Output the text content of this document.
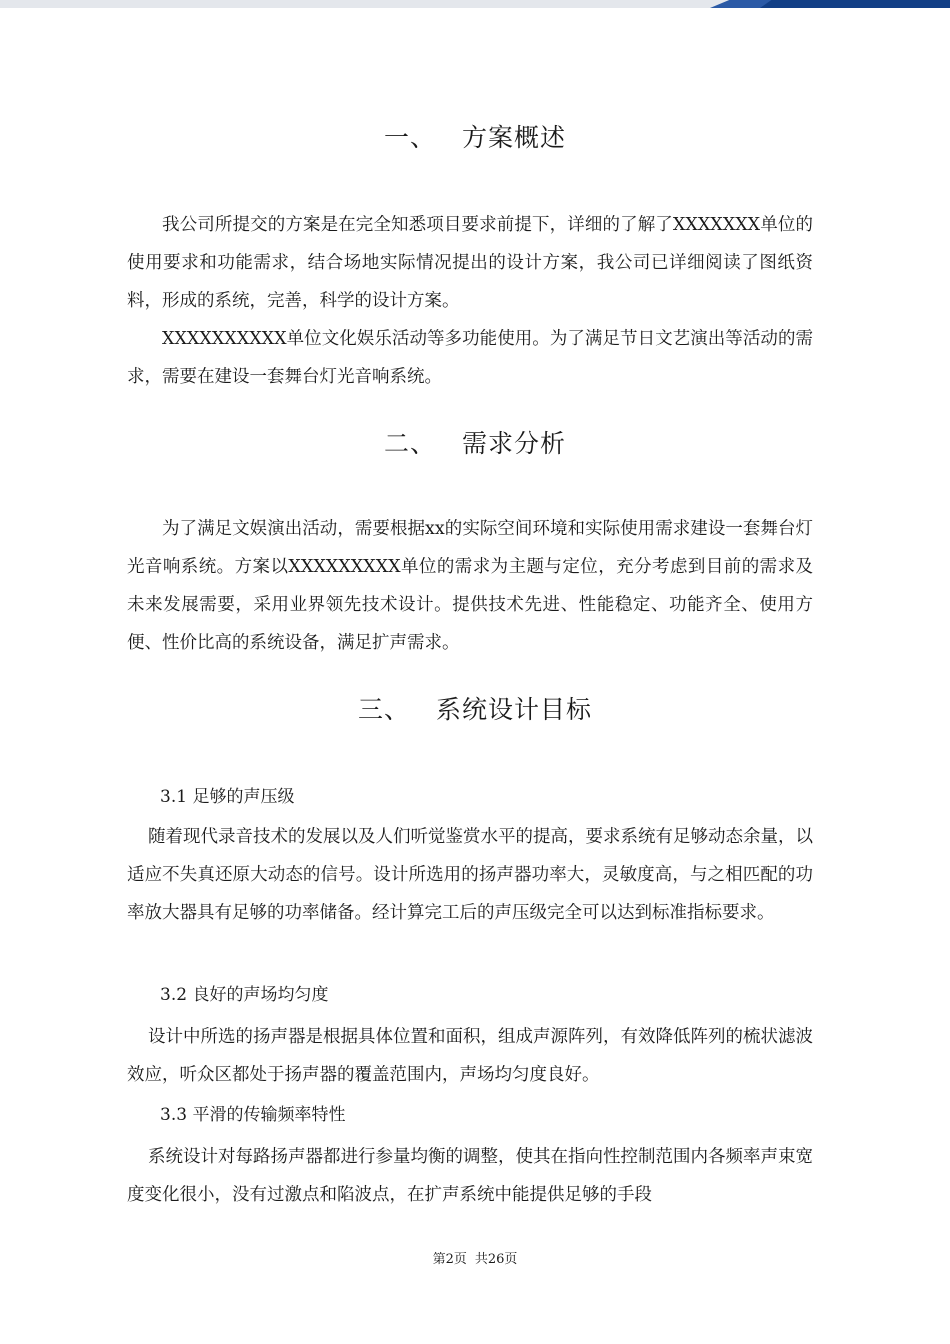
一、 方案概述

我公司所提交的方案是在完全知悉项目要求前提下，详细的了解了XXXXXXX单位的使用要求和功能需求，结合场地实际情况提出的设计方案，我公司已详细阅读了图纸资料，形成的系统，完善，科学的设计方案。

XXXXXXXXXX单位文化娱乐活动等多功能使用。为了满足节日文艺演出等活动的需求，需要在建设一套舞台灯光音响系统。

二、 需求分析

为了满足文娱演出活动，需要根据xx的实际空间环境和实际使用需求建设一套舞台灯光音响系统。方案以XXXXXXXXX单位的需求为主题与定位，充分考虑到目前的需求及未来发展需要，采用业界领先技术设计。提供技术先进、性能稳定、功能齐全、使用方便、性价比高的系统设备，满足扩声需求。

三、 系统设计目标

3.1 足够的声压级

随着现代录音技术的发展以及人们听觉鉴赏水平的提高，要求系统有足够动态余量，以适应不失真还原大动态的信号。设计所选用的扬声器功率大，灵敏度高，与之相匹配的功率放大器具有足够的功率储备。经计算完工后的声压级完全可以达到标准指标要求。

3.2 良好的声场均匀度

设计中所选的扬声器是根据具体位置和面积，组成声源阵列，有效降低阵列的梳状滤波效应，听众区都处于扬声器的覆盖范围内，声场均匀度良好。

3.3 平滑的传输频率特性

系统设计对每路扬声器都进行参量均衡的调整，使其在指向性控制范围内各频率声束宽度变化很小，没有过激点和陷波点，在扩声系统中能提供足够的手段

第2页 共26页
